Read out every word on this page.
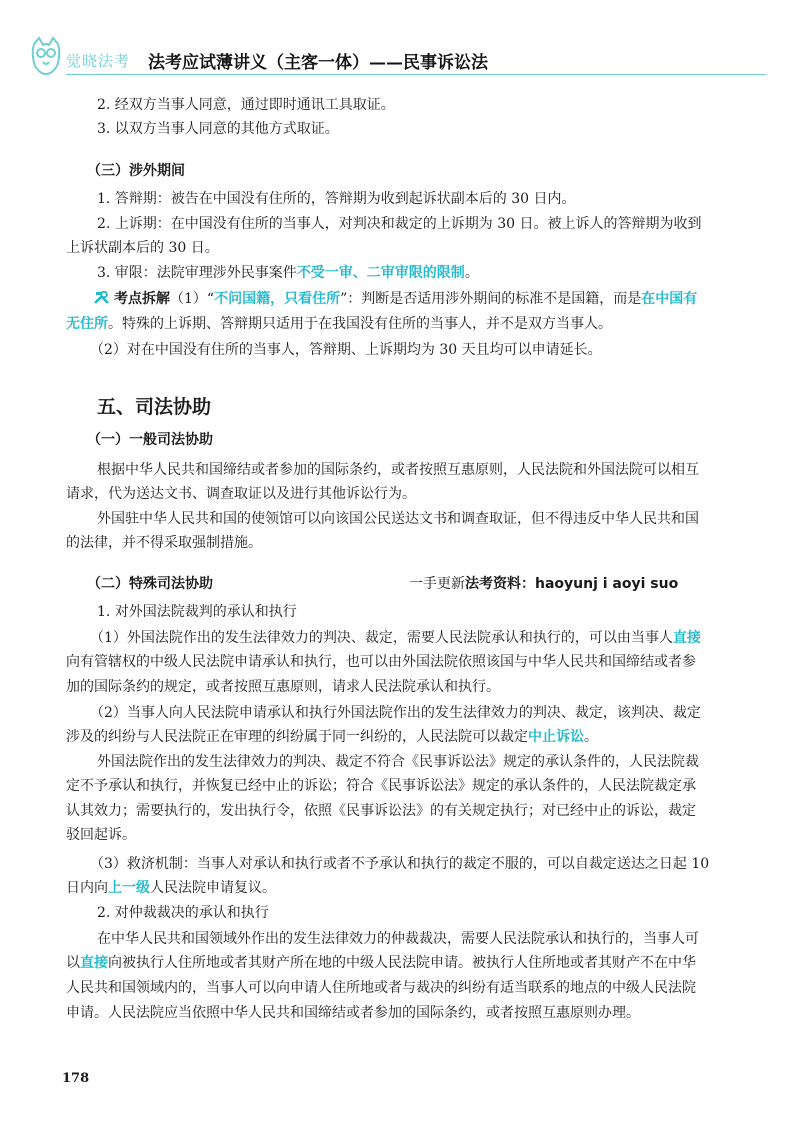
觉晓法考 法考应试薄讲义（主客一体）——民事诉讼法
2. 经双方当事人同意，通过即时通讯工具取证。
3. 以双方当事人同意的其他方式取证。
（三）涉外期间
1. 答辩期：被告在中国没有住所的，答辩期为收到起诉状副本后的 30 日内。
2. 上诉期：在中国没有住所的当事人，对判决和裁定的上诉期为 30 日。被上诉人的答辩期为收到
上诉状副本后的 30 日。
3. 审限：法院审理涉外民事案件不受一审、二审审限的限制。
考点拆解（1）“不问国籍，只看住所”：判断是否适用涉外期间的标准不是国籍，而是在中国有
无住所。特殊的上诉期、答辩期只适用于在我国没有住所的当事人，并不是双方当事人。
（2）对在中国没有住所的当事人，答辩期、上诉期均为 30 天且均可以申请延长。
五、司法协助
（一）一般司法协助
根据中华人民共和国缔结或者参加的国际条约，或者按照互惠原则，人民法院和外国法院可以相互
请求，代为送达文书、调查取证以及进行其他诉讼行为。
外国驻中华人民共和国的使领馆可以向该国公民送达文书和调查取证，但不得违反中华人民共和国
的法律，并不得采取强制措施。
（二）特殊司法协助	一手更新法考资料：haoyunj i aoyi suo
1. 对外国法院裁判的承认和执行
（1）外国法院作出的发生法律效力的判决、裁定，需要人民法院承认和执行的，可以由当事人直接
向有管辖权的中级人民法院申请承认和执行，也可以由外国法院依照该国与中华人民共和国缔结或者参
加的国际条约的规定，或者按照互惠原则，请求人民法院承认和执行。
（2）当事人向人民法院申请承认和执行外国法院作出的发生法律效力的判决、裁定，该判决、裁定
涉及的纠纷与人民法院正在审理的纠纷属于同一纠纷的，人民法院可以裁定中止诉讼。
外国法院作出的发生法律效力的判决、裁定不符合《民事诉讼法》规定的承认条件的，人民法院裁
定不予承认和执行，并恢复已经中止的诉讼；符合《民事诉讼法》规定的承认条件的，人民法院裁定承
认其效力；需要执行的，发出执行令，依照《民事诉讼法》的有关规定执行；对已经中止的诉讼，裁定
驳回起诉。
（3）救济机制：当事人对承认和执行或者不予承认和执行的裁定不服的，可以自裁定送达之日起 10
日内向上一级人民法院申请复议。
2. 对仲裁裁决的承认和执行
在中华人民共和国领域外作出的发生法律效力的仲裁裁决，需要人民法院承认和执行的，当事人可
以直接向被执行人住所地或者其财产所在地的中级人民法院申请。被执行人住所地或者其财产不在中华
人民共和国领域内的，当事人可以向申请人住所地或者与裁决的纠纷有适当联系的地点的中级人民法院
申请。人民法院应当依照中华人民共和国缔结或者参加的国际条约，或者按照互惠原则办理。
178
